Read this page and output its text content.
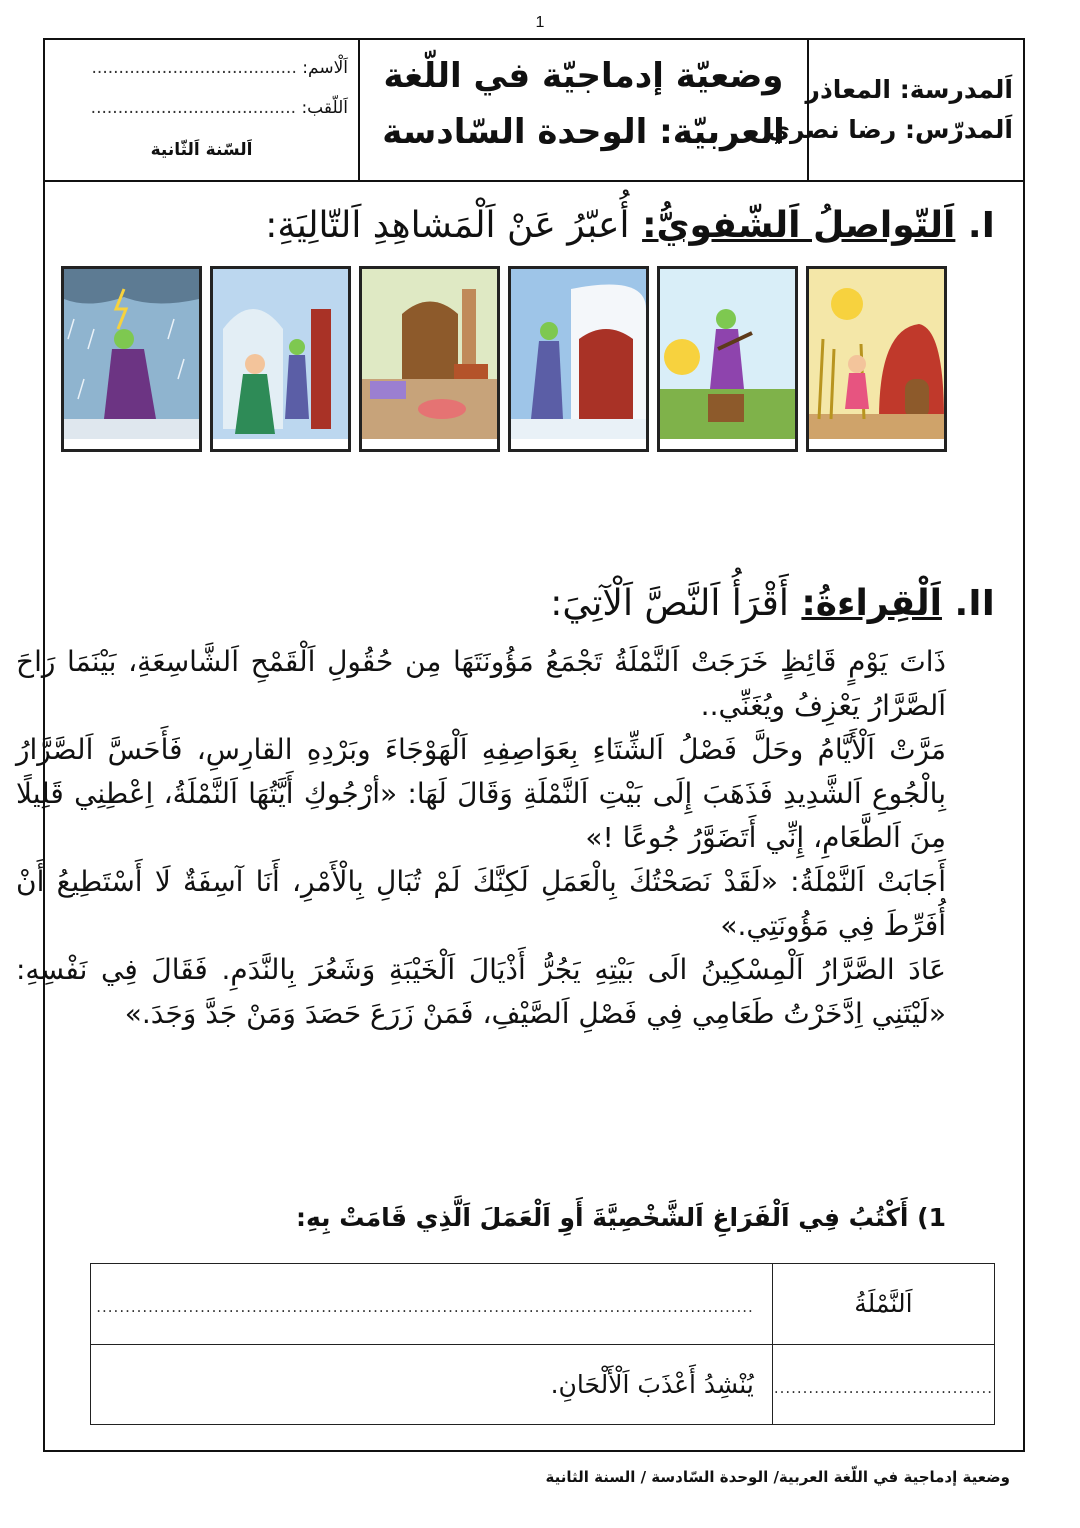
1
اَلمدرسة: المعاذر
اَلمدرّس: رضا نصري
وضعيّة إدماجيّة في اللّغة
العربيّة: الوحدة السّادسة
اَلْاسم: ......................................
اَللّقب: ......................................
اَلسّنة اَلثّانية
I. اَلتّواصلُ اَلشّفويُّ: أُعبّرُ عَنْ اَلْمَشاهِدِ اَلتّالِيَةِ:
II. اَلْقِراءةُ: أَقْرَأُ اَلنَّصَّ اَلْآتِيَ:

ذَاتَ يَوْمٍ قَائِظٍ خَرَجَتْ اَلنَّمْلَةُ تَجْمَعُ مَؤُونَتَهَا مِن حُقُولِ اَلْقَمْحِ اَلشَّاسِعَةِ، بَيْنَمَا رَاحَ اَلصَّرَّارُ يَعْزِفُ ويُغَنِّي..

مَرَّتْ اَلْأَيَّامُ وحَلَّ فَصْلُ اَلشِّتَاءِ بِعَوَاصِفِهِ اَلْهَوْجَاءَ وبَرْدِهِ القارِسِ، فَأَحَسَّ اَلصَّرَّارُ بِالْجُوعِ اَلشَّدِيدِ فَذَهَبَ إِلَى بَيْتِ اَلنَّمْلَةِ وَقَالَ لَهَا: «أرْجُوكِ أَيَّتُهَا اَلنَّمْلَةُ، اِعْطِنِي قَلِيلًا مِنَ اَلطَّعَامِ، إِنِّي أَتَضَوَّرُ جُوعًا !»

أَجَابَتْ اَلنَّمْلَةُ: «لَقَدْ نَصَحْتُكَ بِالْعَمَلِ لَكِنَّكَ لَمْ تُبَالِ بِالْأَمْرِ، أَنَا آسِفَةٌ لَا أَسْتَطِيعُ أَنْ أُفَرِّطَ فِي مَؤُونَتِي.»

عَادَ الصَّرَّارُ اَلْمِسْكِينُ الَى بَيْتِهِ يَجُرُّ أَذْيَالَ اَلْخَيْبَةِ وَشَعُرَ بِالنَّدَمِ. فَقَالَ فِي نَفْسِهِ: «لَيْتَنِي اِدَّخَرْتُ طَعَامِي فِي فَصْلِ اَلصَّيْفِ، فَمَنْ زَرَعَ حَصَدَ وَمَنْ جَدَّ وَجَدَ.»

1) أَكْتُبُ فِي اَلْفَرَاغِ اَلشَّخْصِيَّةَ أَوِ اَلْعَمَلَ اَلَّذِي قَامَتْ بِهِ:
اَلنَّمْلَةُ	..................................................................................................................
......................................	يُنْشِدُ أَعْذَبَ اَلْأَلْحَانِ.
وضعية إدماجية في اللّغة العربية/ الوحدة السّادسة / السنة الثانية
